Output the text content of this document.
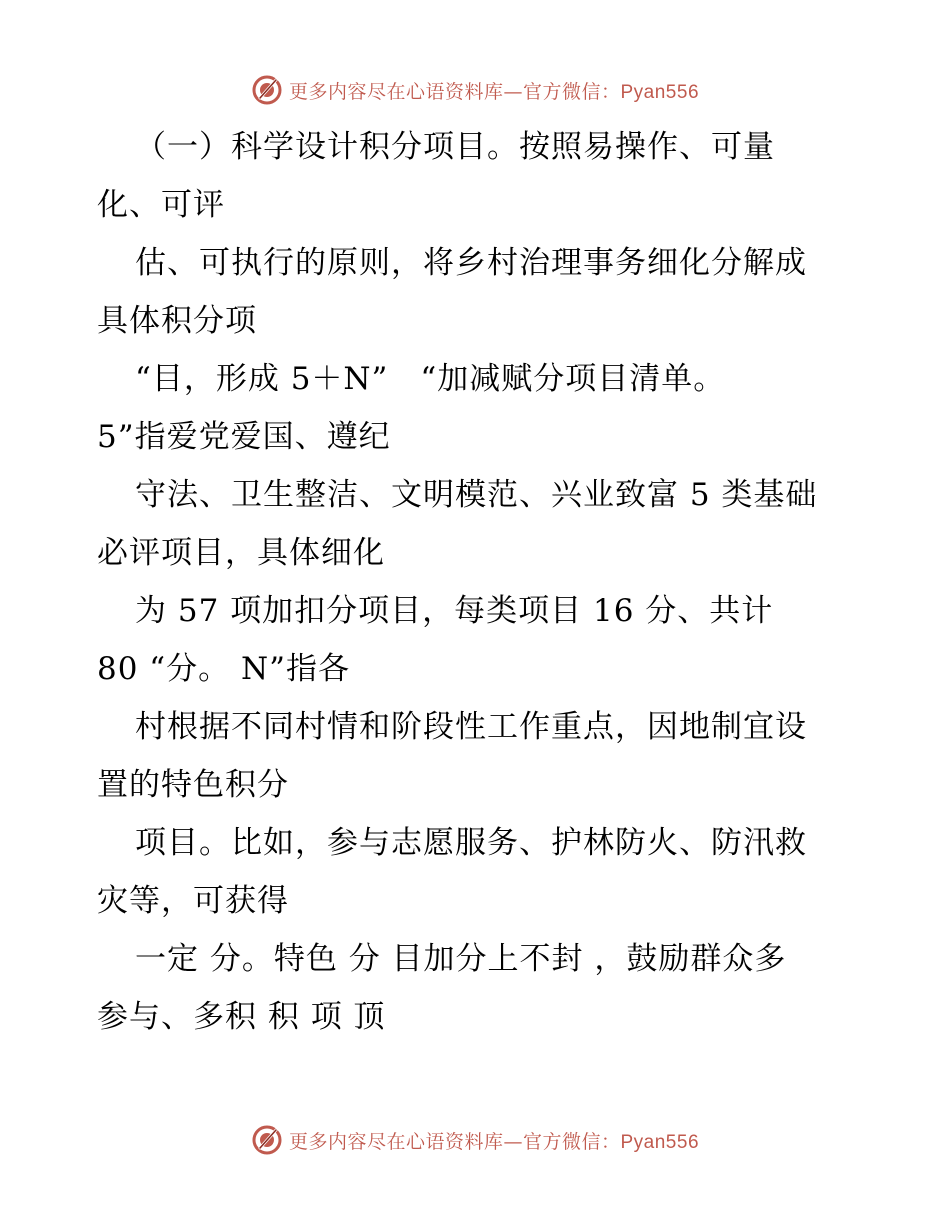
更多内容尽在心语资料库—官方微信：Pyan556
（一）科学设计积分项目。按照易操作、可量
化、可评
估、可执行的原则，将乡村治理事务细化分解成
具体积分项
“目，形成 5＋N”　“加减赋分项目清单。
5”指爱党爱国、遵纪
守法、卫生整洁、文明模范、兴业致富 5 类基础
必评项目，具体细化
为 57 项加扣分项目，每类项目 16 分、共计
80 “分。 N”指各
村根据不同村情和阶段性工作重点，因地制宜设
置的特色积分
项目。比如，参与志愿服务、护林防火、防汛救
灾等，可获得
一定 分。特色 分 目加分上不封 ，鼓励群众多
参与、多积 积 项 顶
更多内容尽在心语资料库—官方微信：Pyan556
